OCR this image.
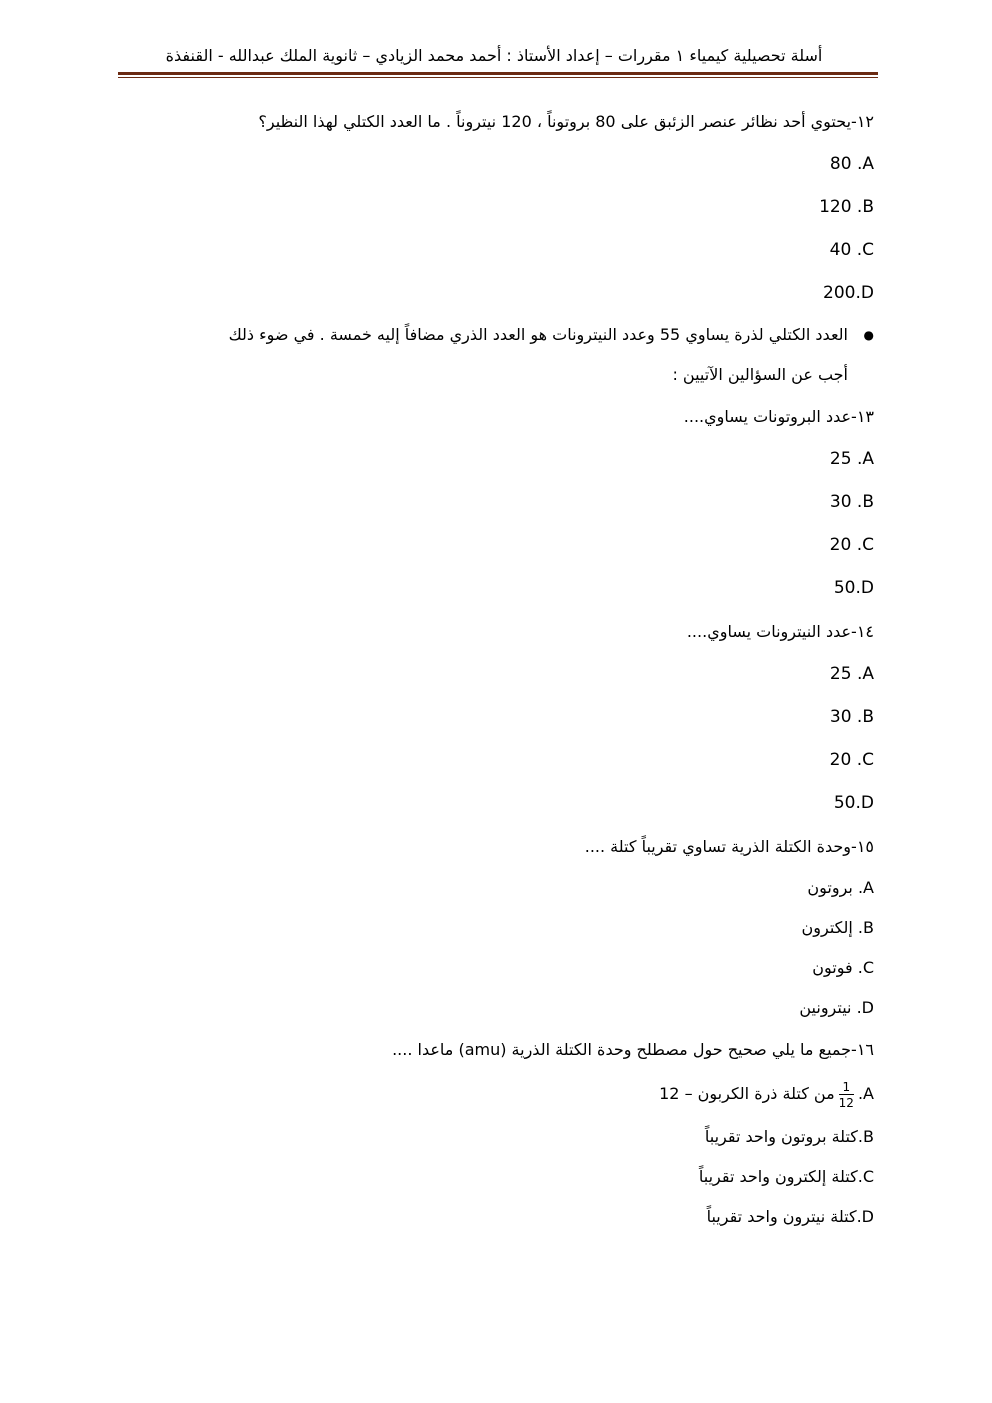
أسلة تحصيلية كيمياء ١ مقررات – إعداد الأستاذ : أحمد محمد الزيادي – ثانوية الملك عبدالله - القنفذة
١٢-يحتوي أحد نظائر عنصر الزئبق على 80 بروتوناً ، 120 نيتروناً . ما العدد الكتلي لهذا النظير؟
80 .A
120 .B
40 .C
200.D
●
العدد الكتلي لذرة يساوي 55 وعدد النيترونات هو العدد الذري مضافاً إليه خمسة . في ضوء ذلك
أجب عن السؤالين الآتيين :
١٣-عدد البروتونات يساوي....
25 .A
30 .B
20 .C
50.D
١٤-عدد النيترونات يساوي....
25 .A
30 .B
20 .C
50.D
١٥-وحدة الكتلة الذرية تساوي تقريباً كتلة ....
A. بروتون
B. إلكترون
C. فوتون
D. نيترونين
١٦-جميع ما يلي صحيح حول مصطلح وحدة الكتلة الذرية (amu) ماعدا ....
A.
$\frac{1}{12}$
من كتلة ذرة الكربون – 12
B.كتلة بروتون واحد تقريباً
C.كتلة إلكترون واحد تقريباً
D.كتلة نيترون واحد تقريباً
